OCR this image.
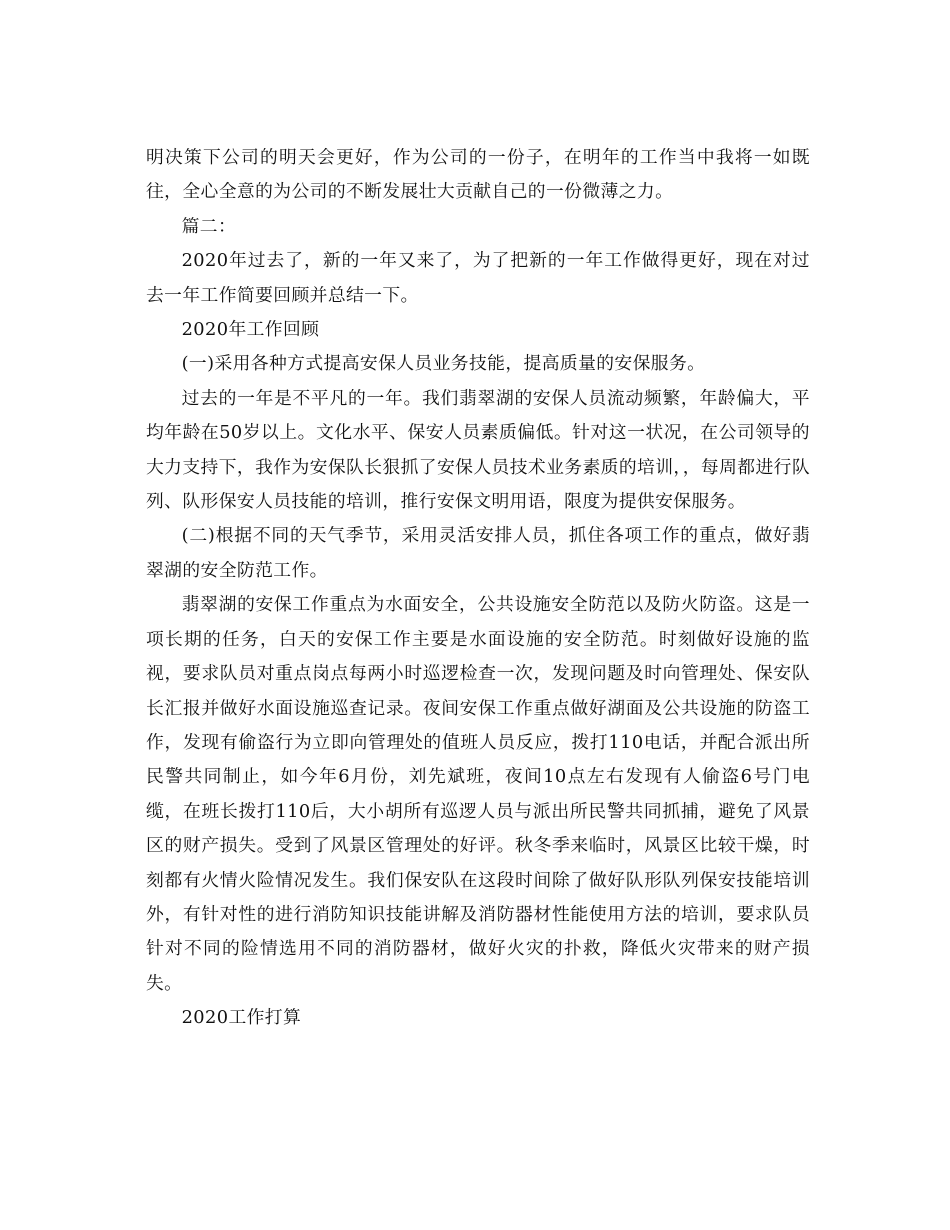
明决策下公司的明天会更好，作为公司的一份子，在明年的工作当中我将一如既往，全心全意的为公司的不断发展壮大贡献自己的一份微薄之力。

篇二：

2020年过去了，新的一年又来了，为了把新的一年工作做得更好，现在对过去一年工作简要回顾并总结一下。

2020年工作回顾

(一)采用各种方式提高安保人员业务技能，提高质量的安保服务。

过去的一年是不平凡的一年。我们翡翠湖的安保人员流动频繁，年龄偏大，平均年龄在50岁以上。文化水平、保安人员素质偏低。针对这一状况，在公司领导的大力支持下，我作为安保队长狠抓了安保人员技术业务素质的培训，，每周都进行队列、队形保安人员技能的培训，推行安保文明用语，限度为提供安保服务。

(二)根据不同的天气季节，采用灵活安排人员，抓住各项工作的重点，做好翡翠湖的安全防范工作。

翡翠湖的安保工作重点为水面安全，公共设施安全防范以及防火防盗。这是一项长期的任务，白天的安保工作主要是水面设施的安全防范。时刻做好设施的监视，要求队员对重点岗点每两小时巡逻检查一次，发现问题及时向管理处、保安队长汇报并做好水面设施巡查记录。夜间安保工作重点做好湖面及公共设施的防盗工作，发现有偷盗行为立即向管理处的值班人员反应，拨打110电话，并配合派出所民警共同制止，如今年6月份，刘先斌班，夜间10点左右发现有人偷盗6号门电缆，在班长拨打110后，大小胡所有巡逻人员与派出所民警共同抓捕，避免了风景区的财产损失。受到了风景区管理处的好评。秋冬季来临时，风景区比较干燥，时刻都有火情火险情况发生。我们保安队在这段时间除了做好队形队列保安技能培训外，有针对性的进行消防知识技能讲解及消防器材性能使用方法的培训，要求队员针对不同的险情选用不同的消防器材，做好火灾的扑救，降低火灾带来的财产损失。

2020工作打算
